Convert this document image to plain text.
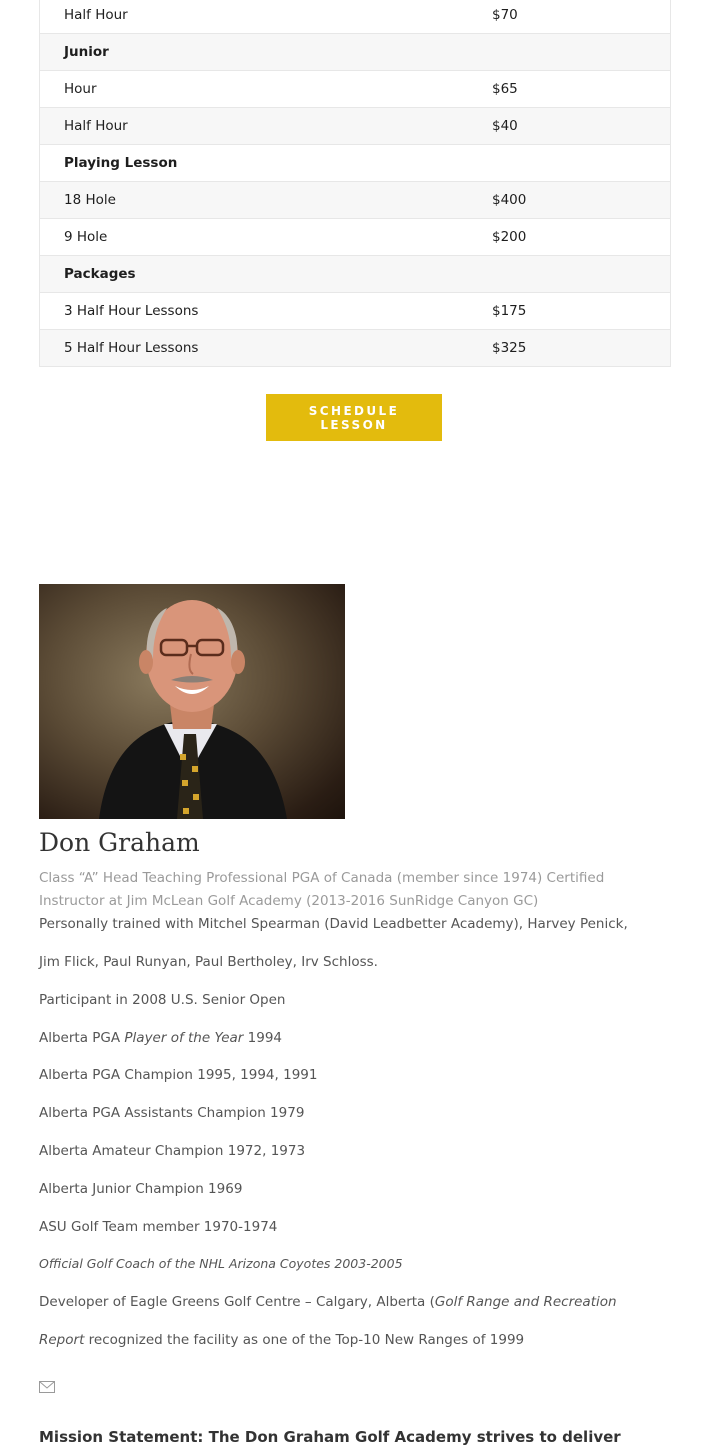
Half Hour	$70
Junior
Hour	$65
Half Hour	$40
Playing Lesson
18 Hole	$400
9 Hole	$200
Packages
3 Half Hour Lessons	$175
5 Half Hour Lessons	$325
SCHEDULE LESSON
Don Graham
Class “A” Head Teaching Professional PGA of Canada (member since 1974) Certified Instructor at Jim McLean Golf Academy (2013-2016 SunRidge Canyon GC)
Personally trained with Mitchel Spearman (David Leadbetter Academy), Harvey Penick,
Jim Flick, Paul Runyan, Paul Bertholey, Irv Schloss.
Participant in 2008 U.S. Senior Open
Alberta PGA Player of the Year 1994
Alberta PGA Champion 1995, 1994, 1991
Alberta PGA Assistants Champion 1979
Alberta Amateur Champion 1972, 1973
Alberta Junior Champion 1969
ASU Golf Team member 1970-1974
Official Golf Coach of the NHL Arizona Coyotes 2003-2005
Developer of Eagle Greens Golf Centre – Calgary, Alberta (Golf Range and Recreation
Report recognized the facility as one of the Top-10 New Ranges of 1999
Mission Statement: The Don Graham Golf Academy strives to deliver
